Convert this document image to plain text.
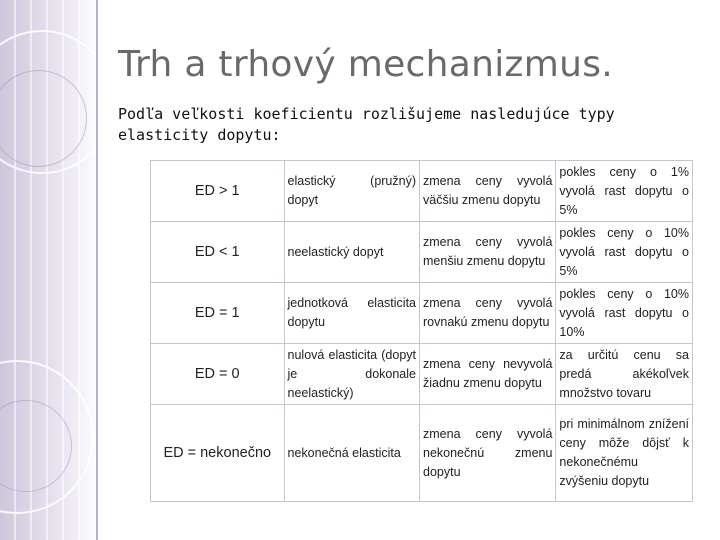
Trh a trhový mechanizmus.

Podľa veľkosti koeficientu rozlišujeme nasledujúce typy elasticity dopytu:

ED > 1	elastický (pružný) dopyt	zmena ceny vyvolá väčšiu zmenu dopytu	pokles ceny o 1% vyvolá rast dopytu o 5%
ED < 1	neelastický dopyt	zmena ceny vyvolá menšiu zmenu dopytu	pokles ceny o 10% vyvolá rast dopytu o 5%
ED = 1	jednotková elasticita dopytu	zmena ceny vyvolá rovnakú zmenu dopytu	pokles ceny o 10% vyvolá rast dopytu o 10%
ED = 0	nulová elasticita (dopyt je dokonale neelastický)	zmena ceny nevyvolá žiadnu zmenu dopytu	za určitú cenu sa predá akékoľvek množstvo tovaru
ED = nekonečno	nekonečná elasticita	zmena ceny vyvolá nekonečnú zmenu dopytu	pri minimálnom znížení ceny môže dôjsť k nekonečnému zvýšeniu dopytu
